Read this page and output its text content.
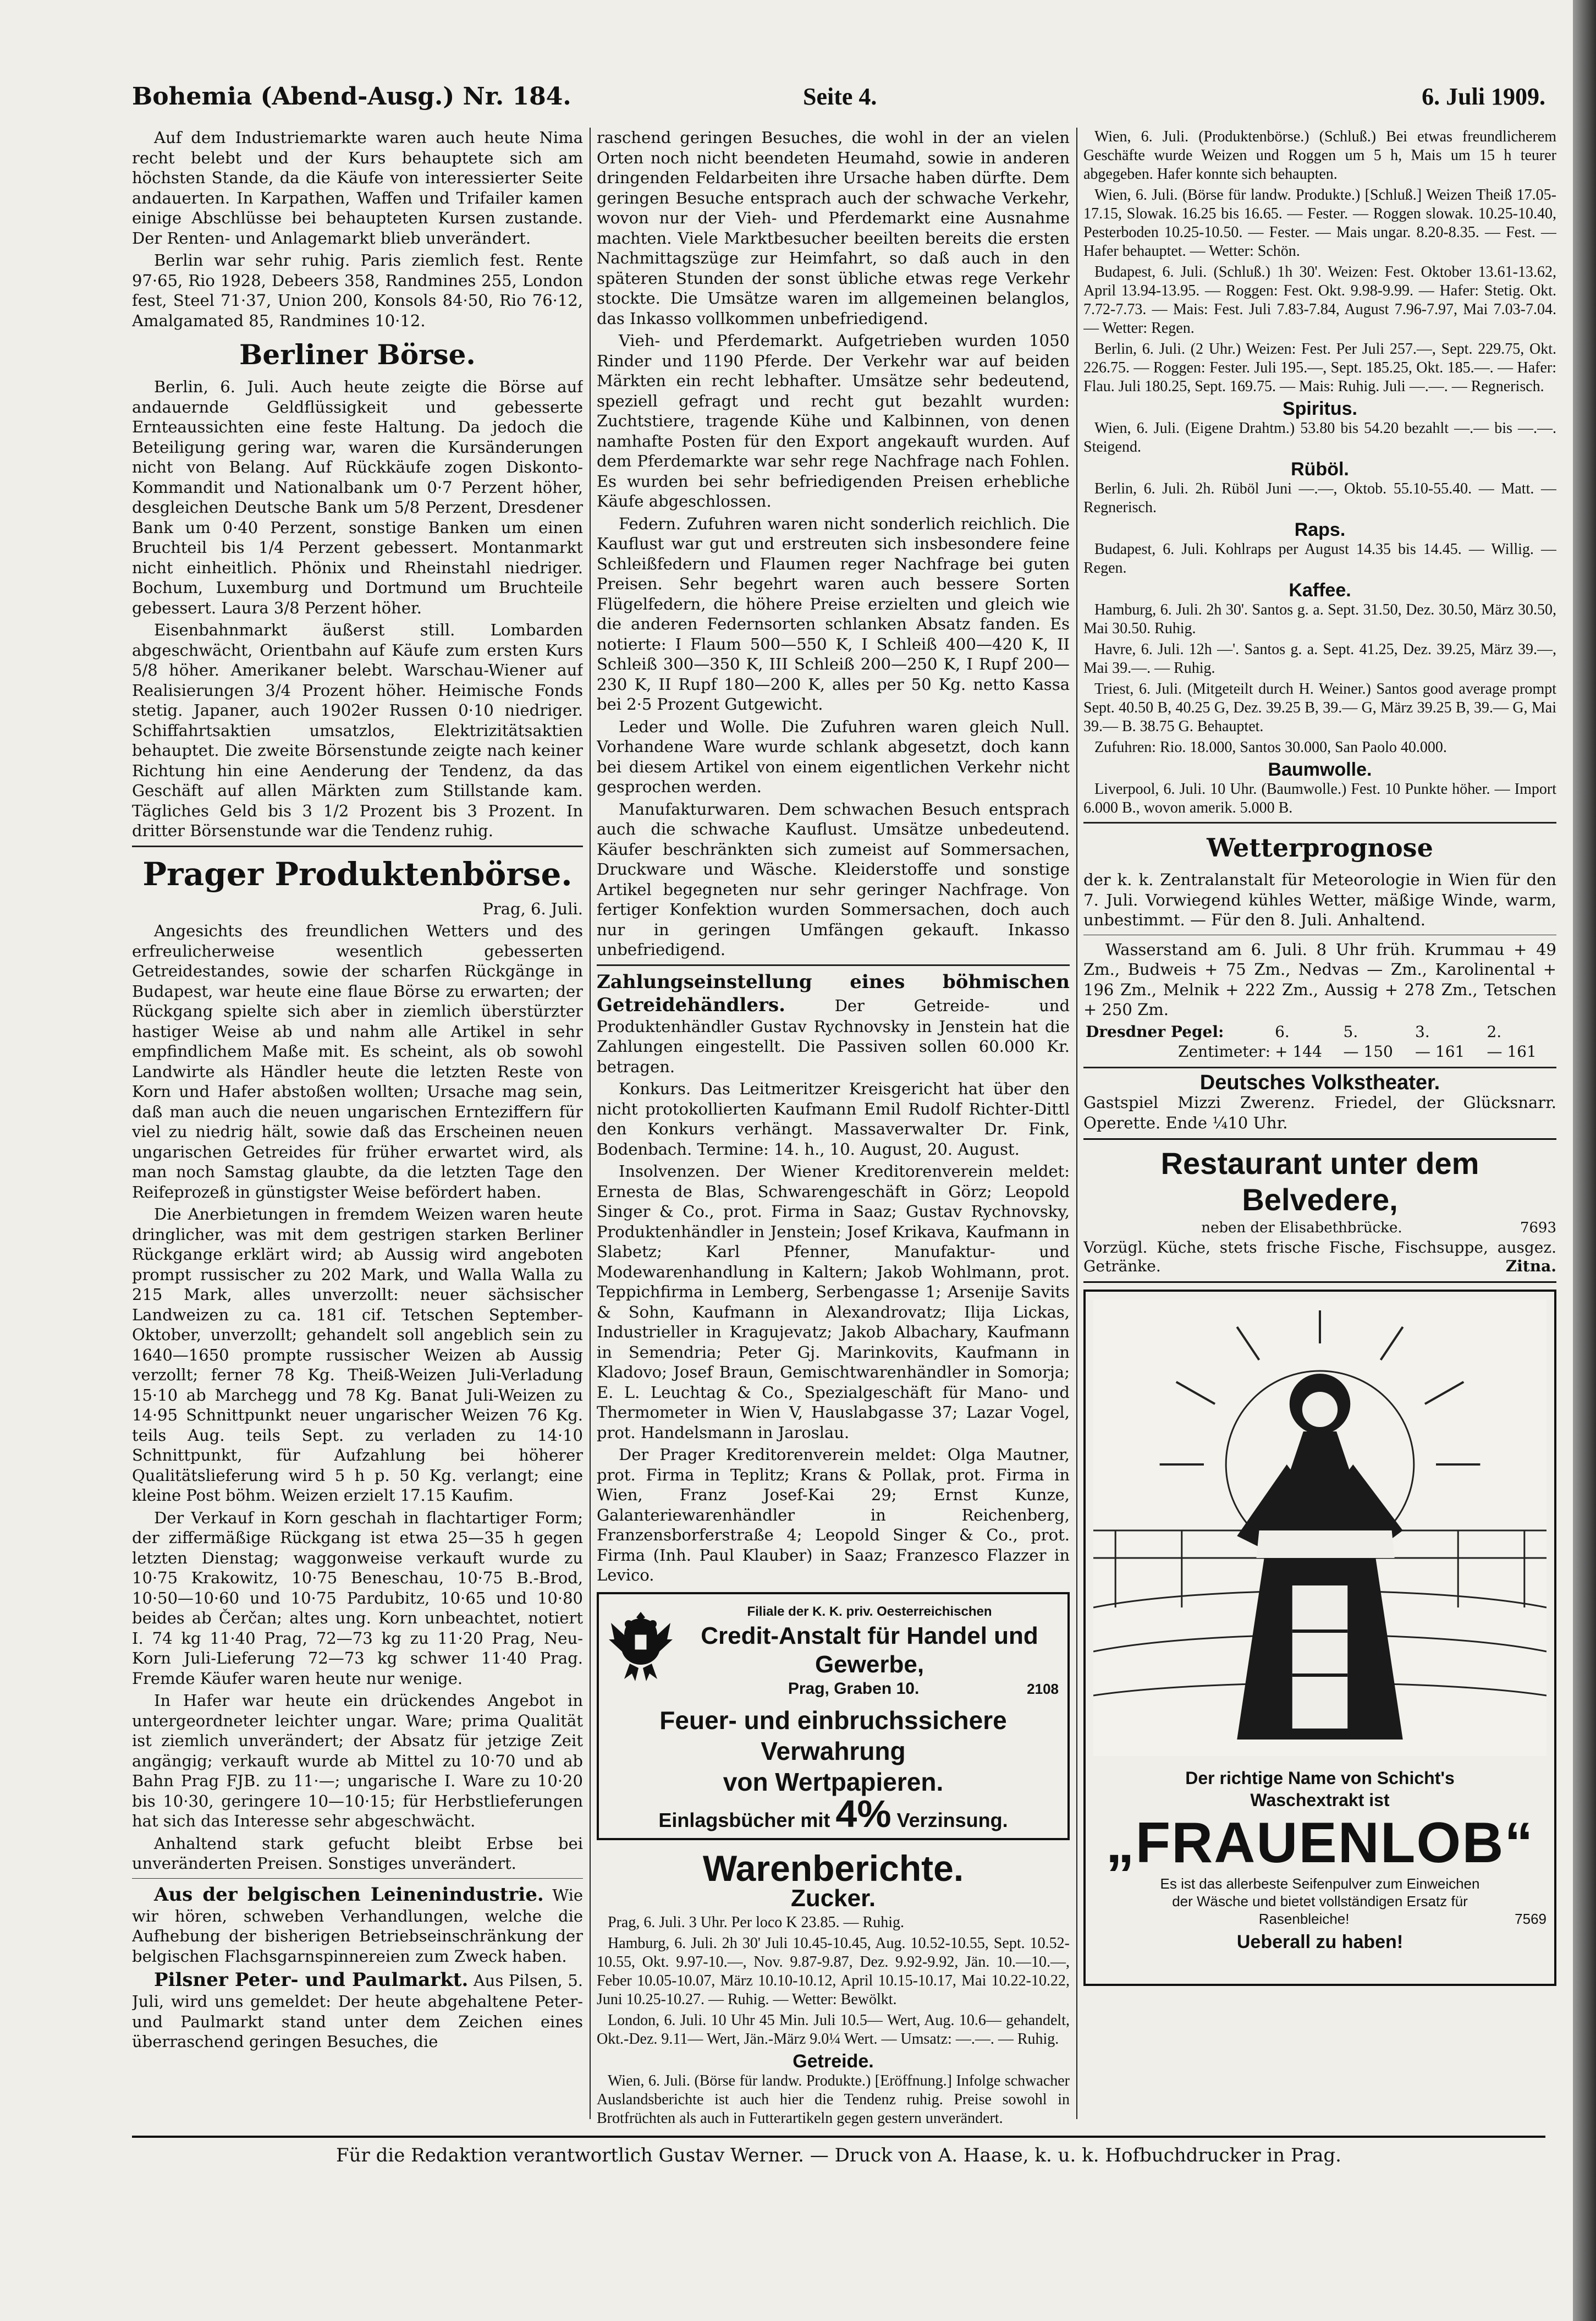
Bohemia (Abend-Ausg.) Nr. 184.	Seite 4.	6. Juli 1909.

Auf dem Industriemarkte waren auch heute Nima recht belebt und der Kurs behauptete sich am höchsten Stande, da die Käufe von interessierter Seite andauerten. In Karpathen, Waffen und Trifailer kamen einige Abschlüsse bei behaupteten Kursen zustande. Der Renten- und Anlagemarkt blieb unverändert.

Berlin war sehr ruhig. Paris ziemlich fest. Rente 97·65, Rio 1928, Debeers 358, Randmines 255, London fest, Steel 71·37, Union 200, Konsols 84·50, Rio 76·12, Amalgamated 85, Randmines 10·12.

Berliner Börse.

Berlin, 6. Juli. Auch heute zeigte die Börse auf andauernde Geldflüssigkeit und gebesserte Ernteaussichten eine feste Haltung. Da jedoch die Beteiligung gering war, waren die Kursänderungen nicht von Belang. Auf Rückkäufe zogen Diskonto-Kommandit und Nationalbank um 0·7 Perzent höher, desgleichen Deutsche Bank um 5/8 Perzent, Dresdener Bank um 0·40 Perzent, sonstige Banken um einen Bruchteil bis 1/4 Perzent gebessert. Montanmarkt nicht einheitlich. Phönix und Rheinstahl niedriger. Bochum, Luxemburg und Dortmund um Bruchteile gebessert. Laura 3/8 Perzent höher.

Eisenbahnmarkt äußerst still. Lombarden abgeschwächt, Orientbahn auf Käufe zum ersten Kurs 5/8 höher. Amerikaner belebt. Warschau-Wiener auf Realisierungen 3/4 Prozent höher. Heimische Fonds stetig. Japaner, auch 1902er Russen 0·10 niedriger. Schiffahrtsaktien umsatzlos, Elektrizitätsaktien behauptet. Die zweite Börsenstunde zeigte nach keiner Richtung hin eine Aenderung der Tendenz, da das Geschäft auf allen Märkten zum Stillstande kam. Tägliches Geld bis 3 1/2 Prozent bis 3 Prozent. In dritter Börsenstunde war die Tendenz ruhig.

Prager Produktenbörse.

Prag, 6. Juli.

Angesichts des freundlichen Wetters und des erfreulicherweise wesentlich gebesserten Getreidestandes, sowie der scharfen Rückgänge in Budapest, war heute eine flaue Börse zu erwarten; der Rückgang spielte sich aber in ziemlich überstürzter hastiger Weise ab und nahm alle Artikel in sehr empfindlichem Maße mit. Es scheint, als ob sowohl Landwirte als Händler heute die letzten Reste von Korn und Hafer abstoßen wollten; Ursache mag sein, daß man auch die neuen ungarischen Ernteziffern für viel zu niedrig hält, sowie daß das Erscheinen neuen ungarischen Getreides für früher erwartet wird, als man noch Samstag glaubte, da die letzten Tage den Reifeprozeß in günstigster Weise befördert haben.

Die Anerbietungen in fremdem Weizen waren heute dringlicher, was mit dem gestrigen starken Berliner Rückgange erklärt wird; ab Aussig wird angeboten prompt russischer zu 202 Mark, und Walla Walla zu 215 Mark, alles unverzollt: neuer sächsischer Landweizen zu ca. 181 cif. Tetschen September-Oktober, unverzollt; gehandelt soll angeblich sein zu 1640—1650 prompte russischer Weizen ab Aussig verzollt; ferner 78 Kg. Theiß-Weizen Juli-Verladung 15·10 ab Marchegg und 78 Kg. Banat Juli-Weizen zu 14·95 Schnittpunkt neuer ungarischer Weizen 76 Kg. teils Aug. teils Sept. zu verladen zu 14·10 Schnittpunkt, für Aufzahlung bei höherer Qualitätslieferung wird 5 h p. 50 Kg. verlangt; eine kleine Post böhm. Weizen erzielt 17.15 Kaufim.

Der Verkauf in Korn geschah in flachtartiger Form; der ziffermäßige Rückgang ist etwa 25—35 h gegen letzten Dienstag; waggonweise verkauft wurde zu 10·75 Krakowitz, 10·75 Beneschau, 10·75 B.-Brod, 10·50—10·60 und 10·75 Pardubitz, 10·65 und 10·80 beides ab Čerčan; altes ung. Korn unbeachtet, notiert I. 74 kg 11·40 Prag, 72—73 kg zu 11·20 Prag, Neu-Korn Juli-Lieferung 72—73 kg schwer 11·40 Prag. Fremde Käufer waren heute nur wenige.

In Hafer war heute ein drückendes Angebot in untergeordneter leichter ungar. Ware; prima Qualität ist ziemlich unverändert; der Absatz für jetzige Zeit angängig; verkauft wurde ab Mittel zu 10·70 und ab Bahn Prag FJB. zu 11·—; ungarische I. Ware zu 10·20 bis 10·30, geringere 10—10·15; für Herbstlieferungen hat sich das Interesse sehr abgeschwächt.

Anhaltend stark gefucht bleibt Erbse bei unveränderten Preisen. Sonstiges unverändert.

Aus der belgischen Leinenindustrie. Wie wir hören, schweben Verhandlungen, welche die Aufhebung der bisherigen Betriebseinschränkung der belgischen Flachsgarnspinnereien zum Zweck haben.

Pilsner Peter- und Paulmarkt. Aus Pilsen, 5. Juli, wird uns gemeldet: Der heute abgehaltene Peter- und Paulmarkt stand unter dem Zeichen eines überraschend geringen Besuches, die

raschend geringen Besuches, die wohl in der an vielen Orten noch nicht beendeten Heumahd, sowie in anderen dringenden Feldarbeiten ihre Ursache haben dürfte. Dem geringen Besuche entsprach auch der schwache Verkehr, wovon nur der Vieh- und Pferdemarkt eine Ausnahme machten. Viele Marktbesucher beeilten bereits die ersten Nachmittagszüge zur Heimfahrt, so daß auch in den späteren Stunden der sonst übliche etwas rege Verkehr stockte. Die Umsätze waren im allgemeinen belanglos, das Inkasso vollkommen unbefriedigend.

Vieh- und Pferdemarkt. Aufgetrieben wurden 1050 Rinder und 1190 Pferde. Der Verkehr war auf beiden Märkten ein recht lebhafter. Umsätze sehr bedeutend, speziell gefragt und recht gut bezahlt wurden: Zuchtstiere, tragende Kühe und Kalbinnen, von denen namhafte Posten für den Export angekauft wurden. Auf dem Pferdemarkte war sehr rege Nachfrage nach Fohlen. Es wurden bei sehr befriedigenden Preisen erhebliche Käufe abgeschlossen.

Federn. Zufuhren waren nicht sonderlich reichlich. Die Kauflust war gut und erstreuten sich insbesondere feine Schleißfedern und Flaumen reger Nachfrage bei guten Preisen. Sehr begehrt waren auch bessere Sorten Flügelfedern, die höhere Preise erzielten und gleich wie die anderen Federnsorten schlanken Absatz fanden. Es notierte: I Flaum 500—550 K, I Schleiß 400—420 K, II Schleiß 300—350 K, III Schleiß 200—250 K, I Rupf 200—230 K, II Rupf 180—200 K, alles per 50 Kg. netto Kassa bei 2·5 Prozent Gutgewicht.

Leder und Wolle. Die Zufuhren waren gleich Null. Vorhandene Ware wurde schlank abgesetzt, doch kann bei diesem Artikel von einem eigentlichen Verkehr nicht gesprochen werden.

Manufakturwaren. Dem schwachen Besuch entsprach auch die schwache Kauflust. Umsätze unbedeutend. Käufer beschränkten sich zumeist auf Sommersachen, Druckware und Wäsche. Kleiderstoffe und sonstige Artikel begegneten nur sehr geringer Nachfrage. Von fertiger Konfektion wurden Sommersachen, doch auch nur in geringen Umfängen gekauft. Inkasso unbefriedigend.

Zahlungseinstellung eines böhmischen Getreidehändlers.	Der Getreide- und Produktenhändler Gustav Rychnovsky in Jenstein hat die Zahlungen eingestellt. Die Passiven sollen 60.000 Kr. betragen.

Konkurs. Das Leitmeritzer Kreisgericht hat über den nicht protokollierten Kaufmann Emil Rudolf Richter-Dittl den Konkurs verhängt. Massaverwalter Dr. Fink, Bodenbach. Termine: 14. h., 10. August, 20. August.

Insolvenzen. Der Wiener Kreditorenverein meldet: Ernesta de Blas, Schwarengeschäft in Görz; Leopold Singer & Co., prot. Firma in Saaz; Gustav Rychnovsky, Produktenhändler in Jenstein; Josef Krikava, Kaufmann in Slabetz; Karl Pfenner, Manufaktur- und Modewarenhandlung in Kaltern; Jakob Wohlmann, prot. Teppichfirma in Lemberg, Serbengasse 1; Arsenije Savits & Sohn, Kaufmann in Alexandrovatz; Ilija Lickas, Industrieller in Kragujevatz; Jakob Albachary, Kaufmann in Semendria; Peter Gj. Marinkovits, Kaufmann in Kladovo; Josef Braun, Gemischtwarenhändler in Somorja; E. L. Leuchtag & Co., Spezialgeschäft für Mano- und Thermometer in Wien V, Hauslabgasse 37; Lazar Vogel, prot. Handelsmann in Jaroslau.

Der Prager Kreditorenverein meldet: Olga Mautner, prot. Firma in Teplitz; Krans & Pollak, prot. Firma in Wien, Franz Josef-Kai 29; Ernst Kunze, Galanteriewarenhändler in Reichenberg, Franzensborferstraße 4; Leopold Singer & Co., prot. Firma (Inh. Paul Klauber) in Saaz; Franzesco Flazzer in Levico.

Filiale der K. K. priv. Oesterreichischen
Credit-Anstalt für Handel und Gewerbe,
Prag, Graben 10.	2108
Feuer- und einbruchssichere Verwahrung
von Wertpapieren.
Einlagsbücher mit 4% Verzinsung.
Warenberichte.
Zucker.

Prag, 6. Juli. 3 Uhr. Per loco K 23.85. — Ruhig.

Hamburg, 6. Juli. 2h 30' Juli 10.45-10.45, Aug. 10.52-10.55, Sept. 10.52-10.55, Okt. 9.97-10.—, Nov. 9.87-9.87, Dez. 9.92-9.92, Jän. 10.—10.—, Feber 10.05-10.07, März 10.10-10.12, April 10.15-10.17, Mai 10.22-10.22, Juni 10.25-10.27. — Ruhig. — Wetter: Bewölkt.

London, 6. Juli. 10 Uhr 45 Min. Juli 10.5— Wert, Aug. 10.6— gehandelt, Okt.-Dez. 9.11— Wert, Jän.-März 9.0¼ Wert. — Umsatz: —.—. — Ruhig.

Getreide.

Wien, 6. Juli. (Börse für landw. Produkte.) [Eröffnung.] Infolge schwacher Auslandsberichte ist auch hier die Tendenz ruhig. Preise sowohl in Brotfrüchten als auch in Futterartikeln gegen gestern unverändert.

Wien, 6. Juli. (Produktenbörse.) (Schluß.) Bei etwas freundlicherem Geschäfte wurde Weizen und Roggen um 5 h, Mais um 15 h teurer abgegeben. Hafer konnte sich behaupten.

Wien, 6. Juli. (Börse für landw. Produkte.) [Schluß.] Weizen Theiß 17.05-17.15, Slowak. 16.25 bis 16.65. — Fester. — Roggen slowak. 10.25-10.40, Pesterboden 10.25-10.50. — Fester. — Mais ungar. 8.20-8.35. — Fest. — Hafer behauptet. — Wetter: Schön.

Budapest, 6. Juli. (Schluß.) 1h 30'. Weizen: Fest. Oktober 13.61-13.62, April 13.94-13.95. — Roggen: Fest. Okt. 9.98-9.99. — Hafer: Stetig. Okt. 7.72-7.73. — Mais: Fest. Juli 7.83-7.84, August 7.96-7.97, Mai 7.03-7.04. — Wetter: Regen.

Berlin, 6. Juli. (2 Uhr.) Weizen: Fest. Per Juli 257.—, Sept. 229.75, Okt. 226.75. — Roggen: Fester. Juli 195.—, Sept. 185.25, Okt. 185.—. — Hafer: Flau. Juli 180.25, Sept. 169.75. — Mais: Ruhig. Juli —.—. — Regnerisch.

Spiritus.

Wien, 6. Juli. (Eigene Drahtm.) 53.80 bis 54.20 bezahlt —.— bis —.—. Steigend.

Rüböl.

Berlin, 6. Juli. 2h. Rüböl Juni —.—, Oktob. 55.10-55.40. — Matt. — Regnerisch.

Raps.

Budapest, 6. Juli. Kohlraps per August 14.35 bis 14.45. — Willig. — Regen.

Kaffee.

Hamburg, 6. Juli. 2h 30'. Santos g. a. Sept. 31.50, Dez. 30.50, März 30.50, Mai 30.50. Ruhig.

Havre, 6. Juli. 12h —'. Santos g. a. Sept. 41.25, Dez. 39.25, März 39.—, Mai 39.—. — Ruhig.

Triest, 6. Juli. (Mitgeteilt durch H. Weiner.) Santos good average prompt Sept. 40.50 B, 40.25 G, Dez. 39.25 B, 39.— G, März 39.25 B, 39.— G, Mai 39.— B. 38.75 G. Behauptet.

Zufuhren: Rio. 18.000, Santos 30.000, San Paolo 40.000.

Baumwolle.

Liverpool, 6. Juli. 10 Uhr. (Baumwolle.) Fest. 10 Punkte höher. — Import 6.000 B., wovon amerik. 5.000 B.

Wetterprognose

der k. k. Zentralanstalt für Meteorologie in Wien für den 7. Juli. Vorwiegend kühles Wetter, mäßige Winde, warm, unbestimmt. — Für den 8. Juli. Anhaltend.

Wasserstand am 6. Juli. 8 Uhr früh. Krummau + 49 Zm., Budweis + 75 Zm., Nedvas — Zm., Karolinental + 196 Zm., Melnik + 222 Zm., Aussig + 278 Zm., Tetschen + 250 Zm.

Dresdner Pegel:	6.	5.	3.	2.
Zentimeter:	+ 144	— 150	— 161	— 161
Deutsches Volkstheater.

Gastspiel Mizzi Zwerenz. Friedel, der Glücksnarr. Operette. Ende ¼10 Uhr.

Restaurant unter dem Belvedere,
neben der Elisabethbrücke.	7693
Vorzügl. Küche, stets frische Fische, Fischsuppe, ausgez. Getränke.	Zitna.
Der richtige Name von Schicht's
Waschextrakt ist
„FRAUENLOB“
Es ist das allerbeste Seifenpulver zum Einweichen
der Wäsche und bietet vollständigen Ersatz für
Rasenbleiche!	7569
Ueberall zu haben!
Für die Redaktion verantwortlich Gustav Werner. — Druck von A. Haase, k. u. k. Hofbuchdrucker in Prag.
